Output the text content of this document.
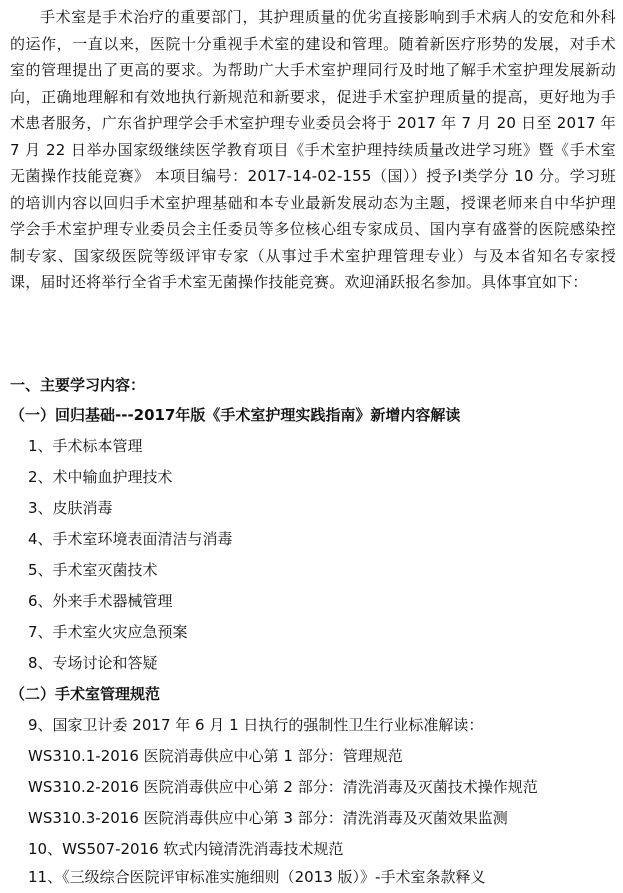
手术室是手术治疗的重要部门，其护理质量的优劣直接影响到手术病人的安危和外科的运作，一直以来，医院十分重视手术室的建设和管理。随着新医疗形势的发展，对手术室的管理提出了更高的要求。为帮助广大手术室护理同行及时地了解手术室护理发展新动向，正确地理解和有效地执行新规范和新要求，促进手术室护理质量的提高，更好地为手术患者服务，广东省护理学会手术室护理专业委员会将于 2017 年 7 月 20 日至 2017 年 7 月 22 日举办国家级继续医学教育项目《手术室护理持续质量改进学习班》暨《手术室无菌操作技能竞赛》 本项目编号：2017-14-02-155（国））授予Ⅰ类学分 10 分。学习班的培训内容以回归手术室护理基础和本专业最新发展动态为主题，授课老师来自中华护理学会手术室护理专业委员会主任委员等多位核心组专家成员、国内享有盛誉的医院感染控制专家、国家级医院等级评审专家（从事过手术室护理管理专业）与及本省知名专家授课，届时还将举行全省手术室无菌操作技能竞赛。欢迎涌跃报名参加。具体事宜如下：

一、主要学习内容：
（一）回归基础---2017年版《手术室护理实践指南》新增内容解读
1、手术标本管理
2、术中输血护理技术
3、皮肤消毒
4、手术室环境表面清洁与消毒
5、手术室灭菌技术
6、外来手术器械管理
7、手术室火灾应急预案
8、专场讨论和答疑
（二）手术室管理规范
9、国家卫计委 2017 年 6 月 1 日执行的强制性卫生行业标准解读：
WS310.1-2016 医院消毒供应中心第 1 部分：管理规范
WS310.2-2016 医院消毒供应中心第 2 部分：清洗消毒及灭菌技术操作规范
WS310.3-2016 医院消毒供应中心第 3 部分：清洗消毒及灭菌效果监测
10、WS507-2016 软式内镜清洗消毒技术规范
11、《三级综合医院评审标准实施细则（2013 版）》-手术室条款释义
